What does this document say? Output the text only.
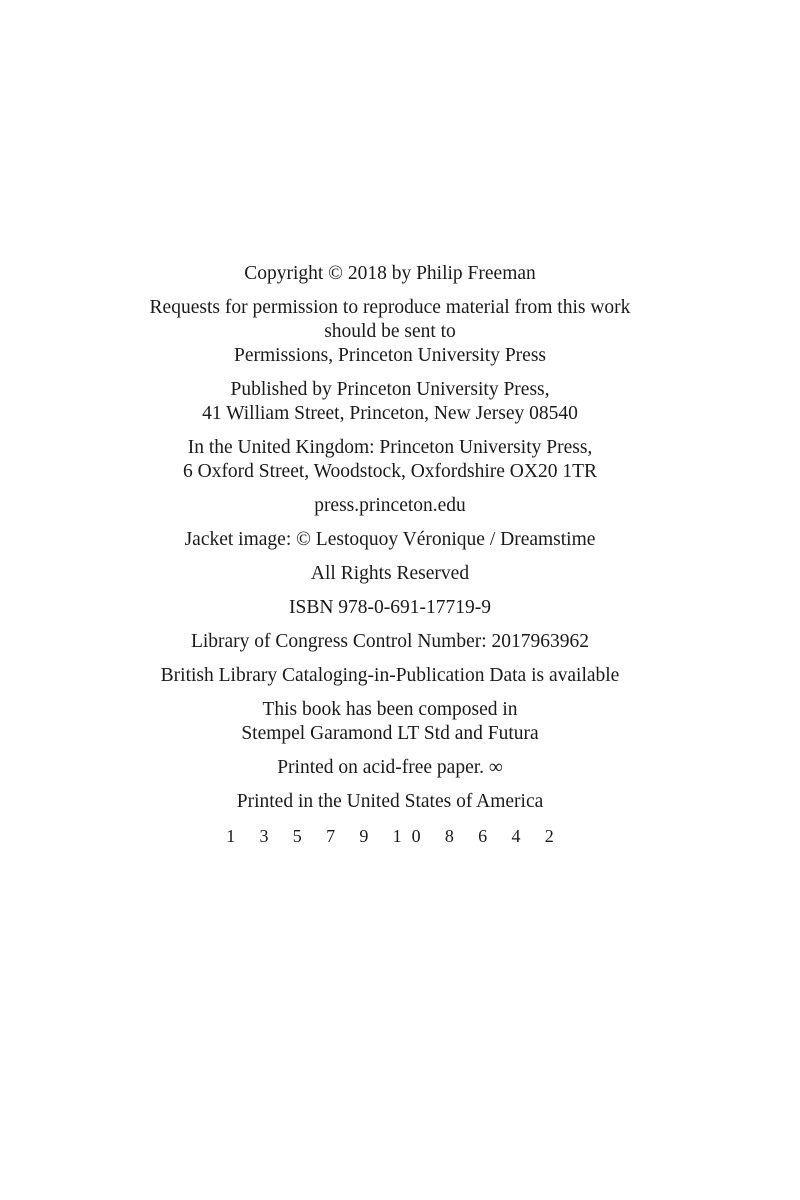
Copyright © 2018 by Philip Freeman

Requests for permission to reproduce material from this work
should be sent to
Permissions, Princeton University Press

Published by Princeton University Press,
41 William Street, Princeton, New Jersey 08540

In the United Kingdom: Princeton University Press,
6 Oxford Street, Woodstock, Oxfordshire OX20 1TR

press.princeton.edu

Jacket image: © Lestoquoy Véronique / Dreamstime

All Rights Reserved

ISBN 978-0-691-17719-9

Library of Congress Control Number: 2017963962

British Library Cataloging-in-Publication Data is available

This book has been composed in
Stempel Garamond LT Std and Futura

Printed on acid-free paper. ∞

Printed in the United States of America

1 3 5 7 9 10 8 6 4 2
